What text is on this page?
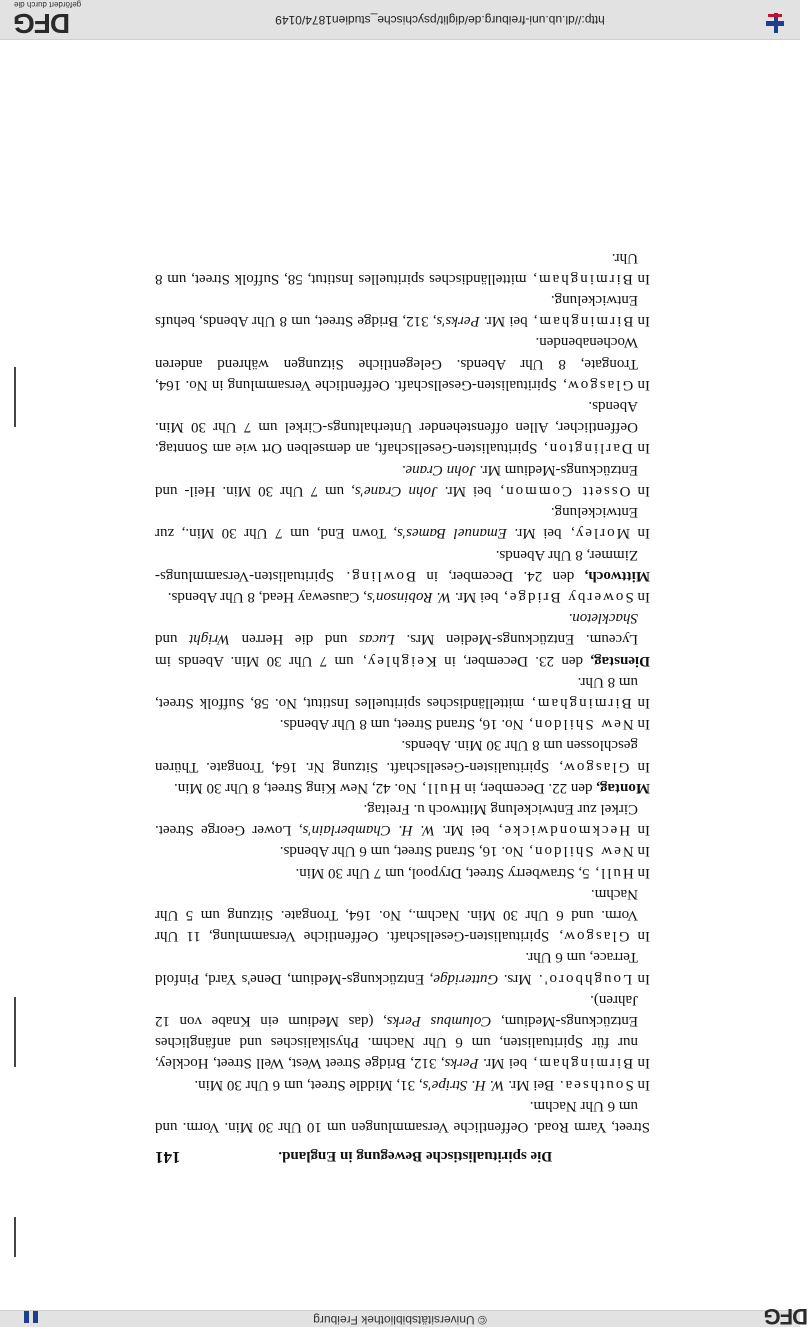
DFG
© Universitätsbibliothek Freiburg
Die spiritualistische Bewegung in England.
141

Street, Yarm Road. Oeffentliche Versammlungen um 10 Uhr 30 Min. Vorm. und um 6 Uhr Nachm.

In Southsea. Bei Mr. W. H. Stripe's, 31, Middle Street, um 6 Uhr 30 Min.

In Birmingham, bei Mr. Perks, 312, Bridge Street West, Well Street, Hockley, nur für Spiritualisten, um 6 Uhr Nachm. Physikalisches und anfängliches Entzückungs-Medium, Columbus Perks, (das Medium ein Knabe von 12 Jahren).

In Loughboro'. Mrs. Gutteridge, Entzückungs-Medium, Dene's Yard, Pinfold Terrace, um 6 Uhr.

In Glasgow, Spiritualisten-Gesellschaft. Oeffentliche Versammlung, 11 Uhr Vorm. und 6 Uhr 30 Min. Nachm., No. 164, Trongate. Sitzung um 5 Uhr Nachm.

In Hull, 5, Strawberry Street, Drypool, um 7 Uhr 30 Min.

In New Shildon, No. 16, Strand Street, um 6 Uhr Abends.

In Heckmondwicke, bei Mr. W. H. Chamberlain's, Lower George Street. Cirkel zur Entwickelung Mittwoch u. Freitag.

Montag, den 22. December, in Hull, No. 42, New King Street, 8 Uhr 30 Min.

In Glasgow, Spiritualisten-Gesellschaft. Sitzung Nr. 164, Trongate. Thüren geschlossen um 8 Uhr 30 Min. Abends.

In New Shildon, No. 16, Strand Street, um 8 Uhr Abends.

In Birmingham, mittelländisches spirituelles Institut, No. 58, Suffolk Street, um 8 Uhr.

Dienstag, den 23. December, in Keighley, um 7 Uhr 30 Min. Abends im Lyceum. Entzückungs-Medien Mrs. Lucas und die Herren Wright und Shackleton.

In Sowerby Bridge, bei Mr. W. Robinson's, Causeway Head, 8 Uhr Abends.

Mittwoch, den 24. December, in Bowling. Spiritualisten-Versammlungs-Zimmer, 8 Uhr Abends.

In Morley, bei Mr. Emanuel Bames's, Town End, um 7 Uhr 30 Min., zur Entwickelung.

In Ossett Common, bei Mr. John Crane's, um 7 Uhr 30 Min. Heil- und Entzückungs-Medium Mr. John Crane.

In Darlington, Spiritualisten-Gesellschaft, an demselben Ort wie am Sonntag. Oeffentlicher, Allen offenstehender Unterhaltungs-Cirkel um 7 Uhr 30 Min. Abends.

In Glasgow, Spiritualisten-Gesellschaft. Oeffentliche Versammlung in No. 164, Trongate, 8 Uhr Abends. Gelegentliche Sitzungen während anderen Wochenabenden.

In Birmingham, bei Mr. Perks's, 312, Bridge Street, um 8 Uhr Abends, behufs Entwickelung.

In Birmingham, mittelländisches spirituelles Institut, 58, Suffolk Street, um 8 Uhr.

http://dl.ub.uni-freiburg.de/diglit/psychische_studien1874/0149
DFG
gefördert durch die
